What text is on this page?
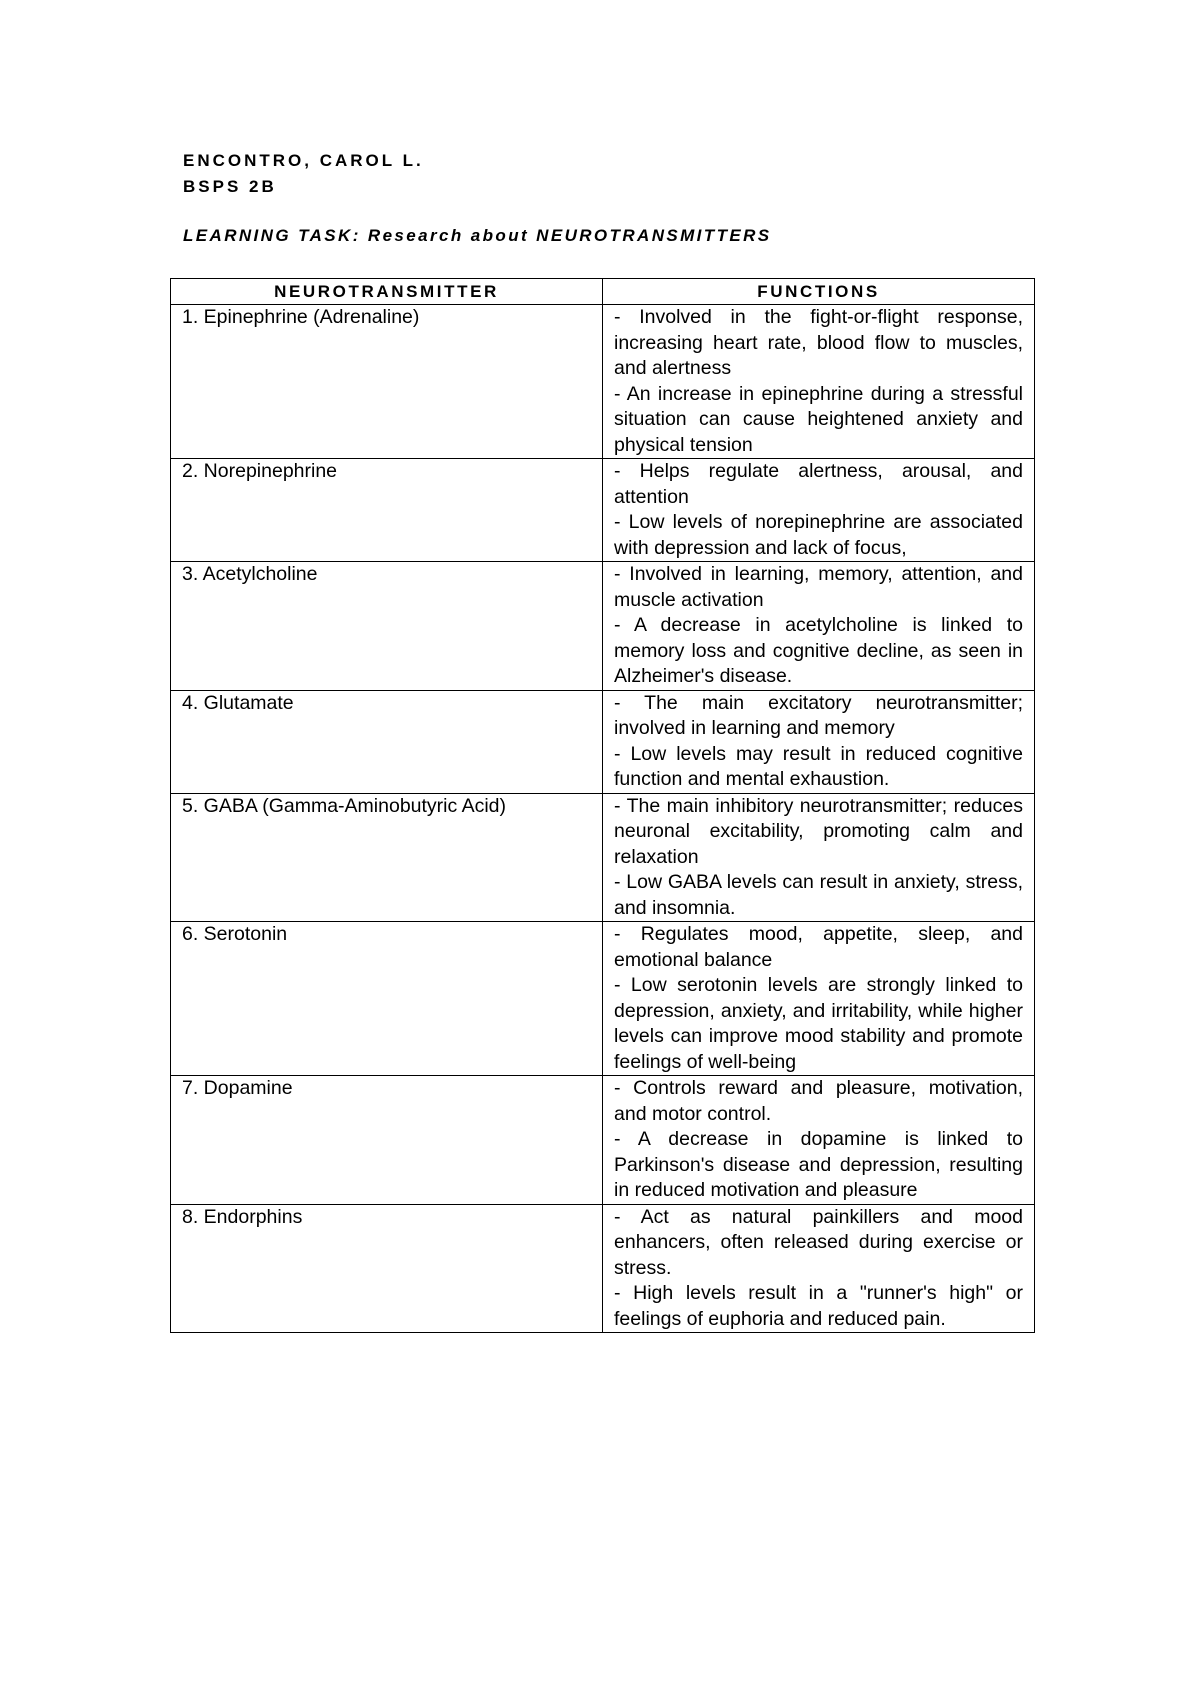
ENCONTRO, CAROL L.
BSPS 2B
LEARNING TASK: Research about NEUROTRANSMITTERS
NEUROTRANSMITTER	FUNCTIONS
1. Epinephrine (Adrenaline)	- Involved in the fight-or-flight response, increasing heart rate, blood flow to muscles, and alertness
- An increase in epinephrine during a stressful situation can cause heightened anxiety and physical tension

2. Norepinephrine	- Helps regulate alertness, arousal, and attention
- Low levels of norepinephrine are associated with depression and lack of focus,

3. Acetylcholine	- Involved in learning, memory, attention, and muscle activation
- A decrease in acetylcholine is linked to memory loss and cognitive decline, as seen in Alzheimer's disease.

4. Glutamate	- The main excitatory neurotransmitter; involved in learning and memory
- Low levels may result in reduced cognitive function and mental exhaustion.

5. GABA (Gamma-Aminobutyric Acid)	- The main inhibitory neurotransmitter; reduces neuronal excitability, promoting calm and relaxation
- Low GABA levels can result in anxiety, stress, and insomnia.

6. Serotonin	- Regulates mood, appetite, sleep, and emotional balance
- Low serotonin levels are strongly linked to depression, anxiety, and irritability, while higher levels can improve mood stability and promote feelings of well-being

7. Dopamine	- Controls reward and pleasure, motivation, and motor control.
- A decrease in dopamine is linked to Parkinson's disease and depression, resulting in reduced motivation and pleasure

8. Endorphins	- Act as natural painkillers and mood enhancers, often released during exercise or stress.
- High levels result in a "runner's high" or feelings of euphoria and reduced pain.
